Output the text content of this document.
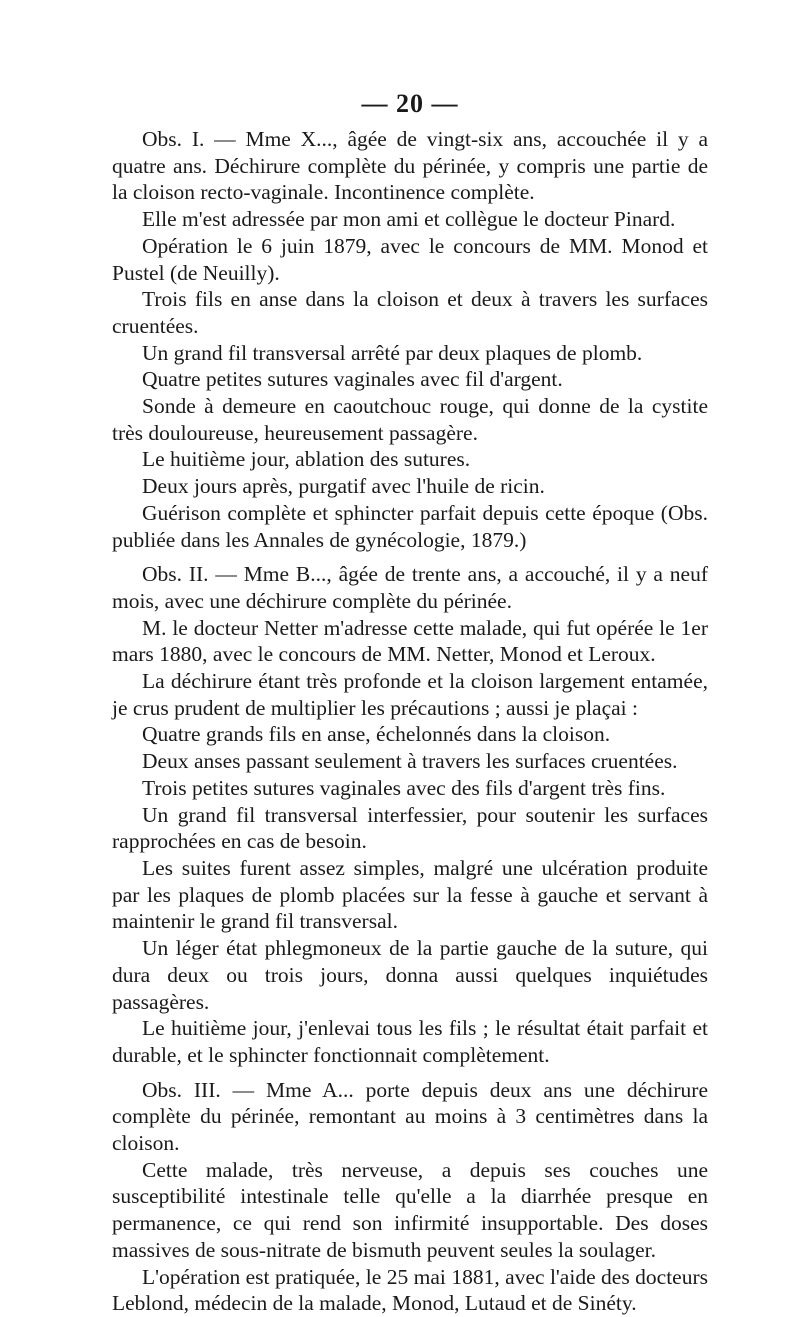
— 20 —

Obs. I. — Mme X..., âgée de vingt-six ans, accouchée il y a quatre ans. Déchirure complète du périnée, y compris une partie de la cloison recto-vaginale. Incontinence complète.

Elle m'est adressée par mon ami et collègue le docteur Pinard.

Opération le 6 juin 1879, avec le concours de MM. Monod et Pustel (de Neuilly).

Trois fils en anse dans la cloison et deux à travers les surfaces cruentées.

Un grand fil transversal arrêté par deux plaques de plomb.

Quatre petites sutures vaginales avec fil d'argent.

Sonde à demeure en caoutchouc rouge, qui donne de la cystite très douloureuse, heureusement passagère.

Le huitième jour, ablation des sutures.

Deux jours après, purgatif avec l'huile de ricin.

Guérison complète et sphincter parfait depuis cette époque (Obs. publiée dans les Annales de gynécologie, 1879.)

Obs. II. — Mme B..., âgée de trente ans, a accouché, il y a neuf mois, avec une déchirure complète du périnée.

M. le docteur Netter m'adresse cette malade, qui fut opérée le 1er mars 1880, avec le concours de MM. Netter, Monod et Leroux.

La déchirure étant très profonde et la cloison largement entamée, je crus prudent de multiplier les précautions ; aussi je plaçai :

Quatre grands fils en anse, échelonnés dans la cloison.

Deux anses passant seulement à travers les surfaces cruentées.

Trois petites sutures vaginales avec des fils d'argent très fins.

Un grand fil transversal interfessier, pour soutenir les surfaces rapprochées en cas de besoin.

Les suites furent assez simples, malgré une ulcération produite par les plaques de plomb placées sur la fesse à gauche et servant à maintenir le grand fil transversal.

Un léger état phlegmoneux de la partie gauche de la suture, qui dura deux ou trois jours, donna aussi quelques inquiétudes passagères.

Le huitième jour, j'enlevai tous les fils ; le résultat était parfait et durable, et le sphincter fonctionnait complètement.

Obs. III. — Mme A... porte depuis deux ans une déchirure complète du périnée, remontant au moins à 3 centimètres dans la cloison.

Cette malade, très nerveuse, a depuis ses couches une susceptibilité intestinale telle qu'elle a la diarrhée presque en permanence, ce qui rend son infirmité insupportable. Des doses massives de sous-nitrate de bismuth peuvent seules la soulager.

L'opération est pratiquée, le 25 mai 1881, avec l'aide des docteurs Leblond, médecin de la malade, Monod, Lutaud et de Sinéty.
